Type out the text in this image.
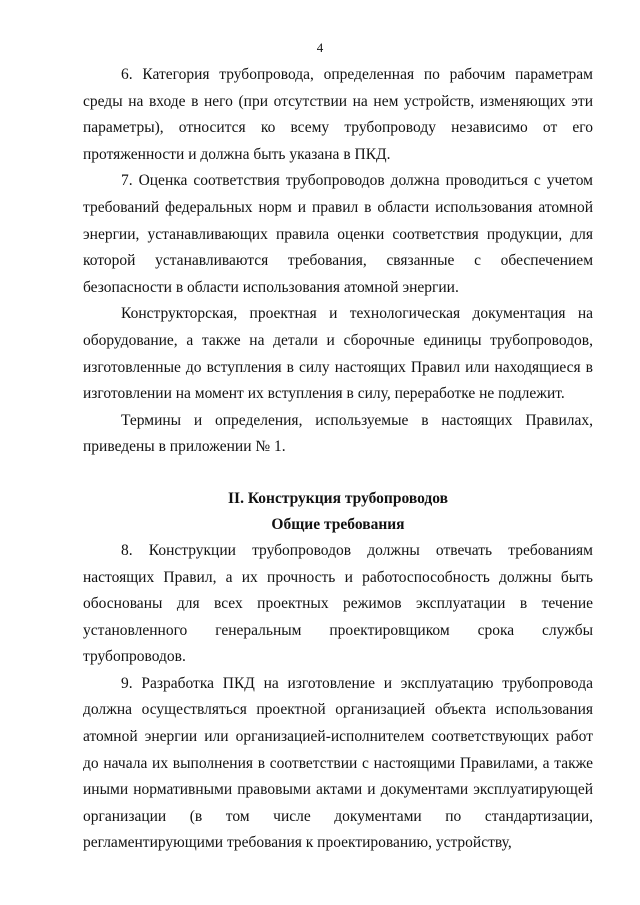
4

6. Категория трубопровода, определенная по рабочим параметрам среды на входе в него (при отсутствии на нем устройств, изменяющих эти параметры), относится ко всему трубопроводу независимо от его протяженности и должна быть указана в ПКД.

7. Оценка соответствия трубопроводов должна проводиться с учетом требований федеральных норм и правил в области использования атомной энергии, устанавливающих правила оценки соответствия продукции, для которой устанавливаются требования, связанные с обеспечением безопасности в области использования атомной энергии.

Конструкторская, проектная и технологическая документация на оборудование, а также на детали и сборочные единицы трубопроводов, изготовленные до вступления в силу настоящих Правил или находящиеся в изготовлении на момент их вступления в силу, переработке не подлежит.

Термины и определения, используемые в настоящих Правилах, приведены в приложении № 1.

II. Конструкция трубопроводов

Общие требования

8. Конструкции трубопроводов должны отвечать требованиям настоящих Правил, а их прочность и работоспособность должны быть обоснованы для всех проектных режимов эксплуатации в течение установленного генеральным проектировщиком срока службы трубопроводов.

9. Разработка ПКД на изготовление и эксплуатацию трубопровода должна осуществляться проектной организацией объекта использования атомной энергии или организацией-исполнителем соответствующих работ до начала их выполнения в соответствии с настоящими Правилами, а также иными нормативными правовыми актами и документами эксплуатирующей организации (в том числе документами по стандартизации, регламентирующими требования к проектированию, устройству,
